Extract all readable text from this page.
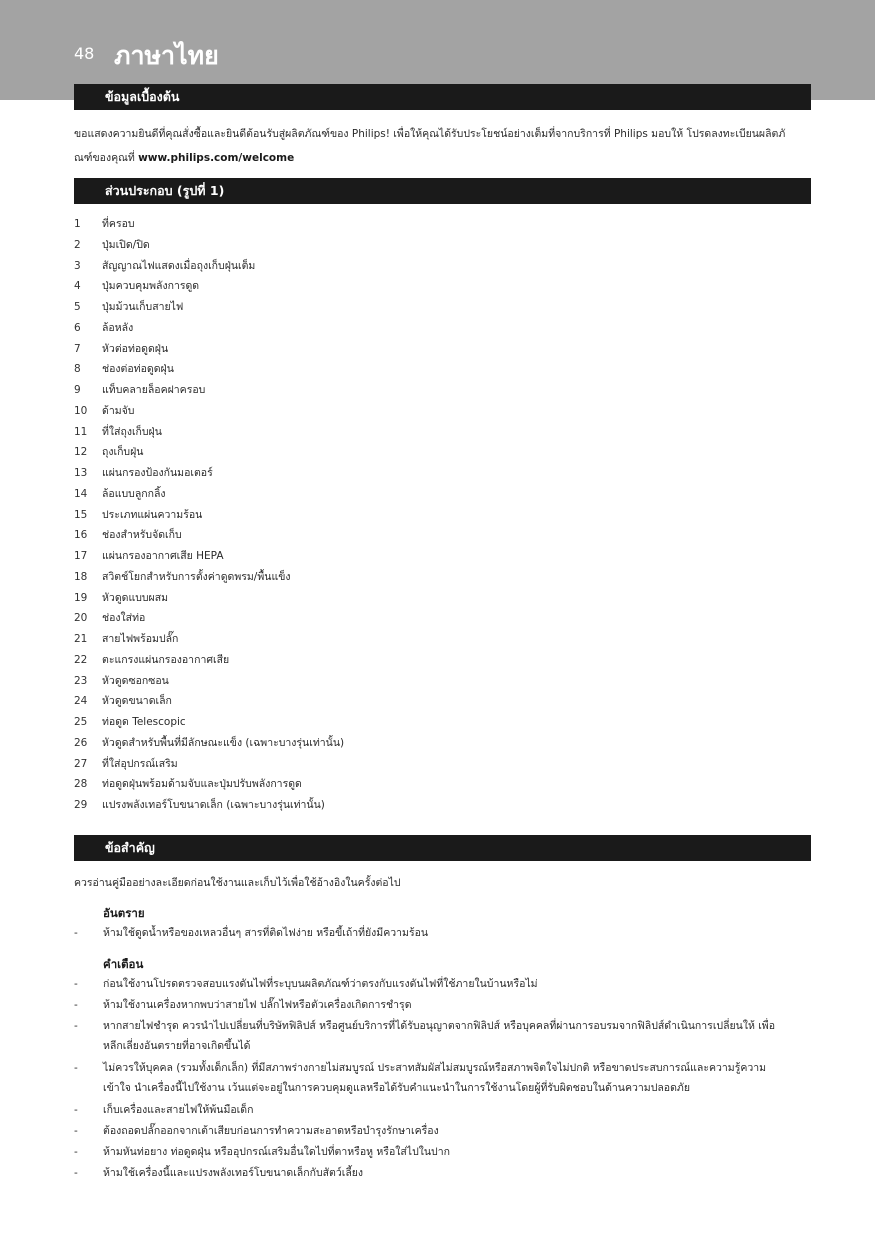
48 ภาษาไทย
ข้อมูลเบื้องต้น
ขอแสดงความยินดีที่คุณสั่งซื้อและยินดีต้อนรับสู่ผลิตภัณฑ์ของ Philips! เพื่อให้คุณได้รับประโยชน์อย่างเต็มที่จากบริการที่ Philips มอบให้ โปรดลงทะเบียนผลิตภั
ณฑ์ของคุณที่ www.philips.com/welcome
ส่วนประกอบ (รูปที่ 1)
1 ที่ครอบ
2 ปุ่มเปิด/ปิด
3 สัญญาณไฟแสดงเมื่อถุงเก็บฝุ่นเต็ม
4 ปุ่มควบคุมพลังการดูด
5 ปุ่มม้วนเก็บสายไฟ
6 ล้อหลัง
7 หัวต่อท่อดูดฝุ่น
8 ช่องต่อท่อดูดฝุ่น
9 แท็บคลายล็อคฝาครอบ
10 ด้ามจับ
11 ที่ใส่ถุงเก็บฝุ่น
12 ถุงเก็บฝุ่น
13 แผ่นกรองป้องกันมอเตอร์
14 ล้อแบบลูกกลิ้ง
15 ประเภทแผ่นความร้อน
16 ช่องสำหรับจัดเก็บ
17 แผ่นกรองอากาศเสีย HEPA
18 สวิตช์โยกสำหรับการตั้งค่าดูดพรม/พื้นแข็ง
19 หัวดูดแบบผสม
20 ช่องใส่ท่อ
21 สายไฟพร้อมปลั๊ก
22 ตะแกรงแผ่นกรองอากาศเสีย
23 หัวดูดซอกซอน
24 หัวดูดขนาดเล็ก
25 ท่อดูด Telescopic
26 หัวดูดสำหรับพื้นที่มีลักษณะแข็ง (เฉพาะบางรุ่นเท่านั้น)
27 ที่ใส่อุปกรณ์เสริม
28 ท่อดูดฝุ่นพร้อมด้ามจับและปุ่มปรับพลังการดูด
29 แปรงพลังเทอร์โบขนาดเล็ก (เฉพาะบางรุ่นเท่านั้น)
ข้อสำคัญ
ควรอ่านคู่มืออย่างละเอียดก่อนใช้งานและเก็บไว้เพื่อใช้อ้างอิงในครั้งต่อไป
อันตราย
- ห้ามใช้ดูดน้ำหรือของเหลวอื่นๆ สารที่ติดไฟง่าย หรือขี้เถ้าที่ยังมีความร้อน
คำเตือน
- ก่อนใช้งานโปรดตรวจสอบแรงดันไฟที่ระบุบนผลิตภัณฑ์ว่าตรงกับแรงดันไฟที่ใช้ภายในบ้านหรือไม่
- ห้ามใช้งานเครื่องหากพบว่าสายไฟ ปลั๊กไฟหรือตัวเครื่องเกิดการชำรุด
- หากสายไฟชำรุด ควรนำไปเปลี่ยนที่บริษัทฟิลิปส์ หรือศูนย์บริการที่ได้รับอนุญาตจากฟิลิปส์ หรือบุคคลที่ผ่านการอบรมจากฟิลิปส์ดำเนินการเปลี่ยนให้ เพื่อ
หลีกเลี่ยงอันตรายที่อาจเกิดขึ้นได้
- ไม่ควรให้บุคคล (รวมทั้งเด็กเล็ก) ที่มีสภาพร่างกายไม่สมบูรณ์ ประสาทสัมผัสไม่สมบูรณ์หรือสภาพจิตใจไม่ปกติ หรือขาดประสบการณ์และความรู้ความ
เข้าใจ นำเครื่องนี้ไปใช้งาน เว้นแต่จะอยู่ในการควบคุมดูแลหรือได้รับคำแนะนำในการใช้งานโดยผู้ที่รับผิดชอบในด้านความปลอดภัย
- เก็บเครื่องและสายไฟให้พ้นมือเด็ก
- ต้องถอดปลั๊กออกจากเต้าเสียบก่อนการทำความสะอาดหรือบำรุงรักษาเครื่อง
- ห้ามหันท่อยาง ท่อดูดฝุ่น หรืออุปกรณ์เสริมอื่นใดไปที่ตาหรือหู หรือใส่ไปในปาก
- ห้ามใช้เครื่องนี้และแปรงพลังเทอร์โบขนาดเล็กกับสัตว์เลี้ยง
